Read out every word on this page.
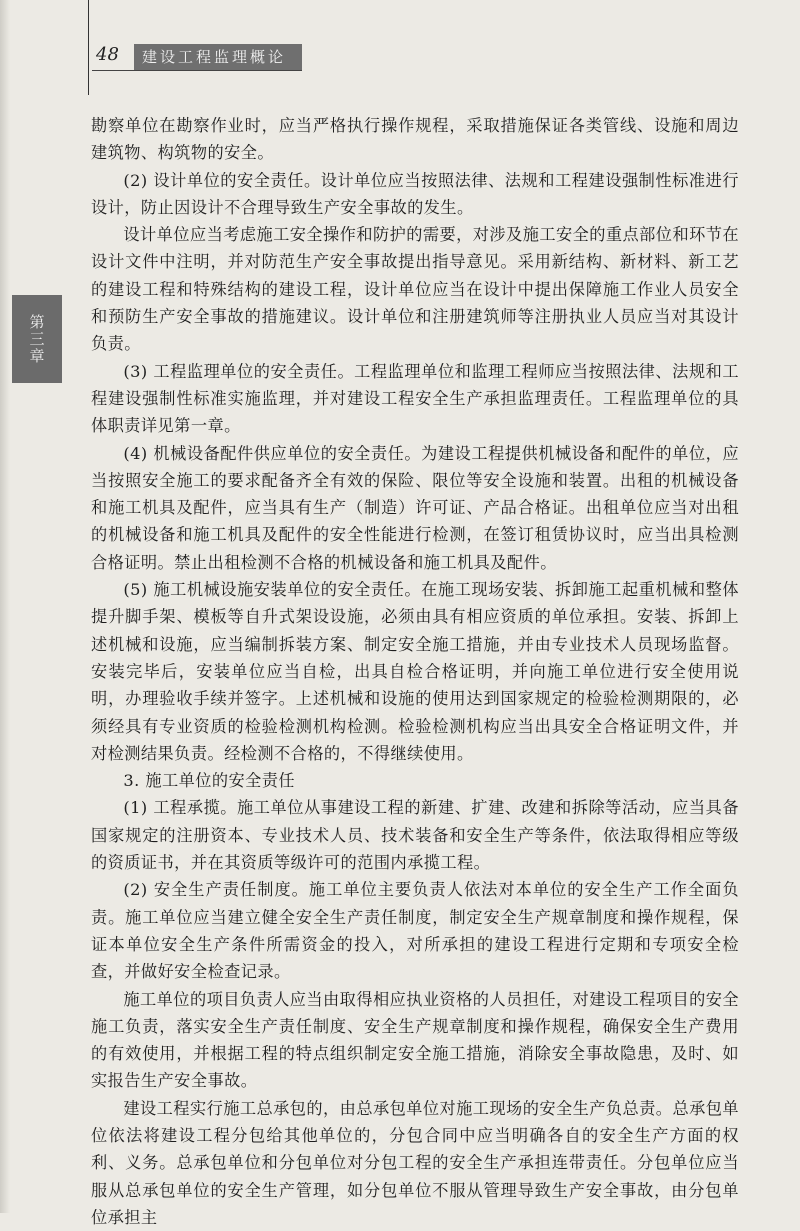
48	建设工程监理概论
第三章

勘察单位在勘察作业时，应当严格执行操作规程，采取措施保证各类管线、设施和周边建筑物、构筑物的安全。

(2) 设计单位的安全责任。设计单位应当按照法律、法规和工程建设强制性标准进行设计，防止因设计不合理导致生产安全事故的发生。

设计单位应当考虑施工安全操作和防护的需要，对涉及施工安全的重点部位和环节在设计文件中注明，并对防范生产安全事故提出指导意见。采用新结构、新材料、新工艺的建设工程和特殊结构的建设工程，设计单位应当在设计中提出保障施工作业人员安全和预防生产安全事故的措施建议。设计单位和注册建筑师等注册执业人员应当对其设计负责。

(3) 工程监理单位的安全责任。工程监理单位和监理工程师应当按照法律、法规和工程建设强制性标准实施监理，并对建设工程安全生产承担监理责任。工程监理单位的具体职责详见第一章。

(4) 机械设备配件供应单位的安全责任。为建设工程提供机械设备和配件的单位，应当按照安全施工的要求配备齐全有效的保险、限位等安全设施和装置。出租的机械设备和施工机具及配件，应当具有生产（制造）许可证、产品合格证。出租单位应当对出租的机械设备和施工机具及配件的安全性能进行检测，在签订租赁协议时，应当出具检测合格证明。禁止出租检测不合格的机械设备和施工机具及配件。

(5) 施工机械设施安装单位的安全责任。在施工现场安装、拆卸施工起重机械和整体提升脚手架、模板等自升式架设设施，必须由具有相应资质的单位承担。安装、拆卸上述机械和设施，应当编制拆装方案、制定安全施工措施，并由专业技术人员现场监督。安装完毕后，安装单位应当自检，出具自检合格证明，并向施工单位进行安全使用说明，办理验收手续并签字。上述机械和设施的使用达到国家规定的检验检测期限的，必须经具有专业资质的检验检测机构检测。检验检测机构应当出具安全合格证明文件，并对检测结果负责。经检测不合格的，不得继续使用。

3. 施工单位的安全责任

(1) 工程承揽。施工单位从事建设工程的新建、扩建、改建和拆除等活动，应当具备国家规定的注册资本、专业技术人员、技术装备和安全生产等条件，依法取得相应等级的资质证书，并在其资质等级许可的范围内承揽工程。

(2) 安全生产责任制度。施工单位主要负责人依法对本单位的安全生产工作全面负责。施工单位应当建立健全安全生产责任制度，制定安全生产规章制度和操作规程，保证本单位安全生产条件所需资金的投入，对所承担的建设工程进行定期和专项安全检查，并做好安全检查记录。

施工单位的项目负责人应当由取得相应执业资格的人员担任，对建设工程项目的安全施工负责，落实安全生产责任制度、安全生产规章制度和操作规程，确保安全生产费用的有效使用，并根据工程的特点组织制定安全施工措施，消除安全事故隐患，及时、如实报告生产安全事故。

建设工程实行施工总承包的，由总承包单位对施工现场的安全生产负总责。总承包单位依法将建设工程分包给其他单位的，分包合同中应当明确各自的安全生产方面的权利、义务。总承包单位和分包单位对分包工程的安全生产承担连带责任。分包单位应当服从总承包单位的安全生产管理，如分包单位不服从管理导致生产安全事故，由分包单位承担主
